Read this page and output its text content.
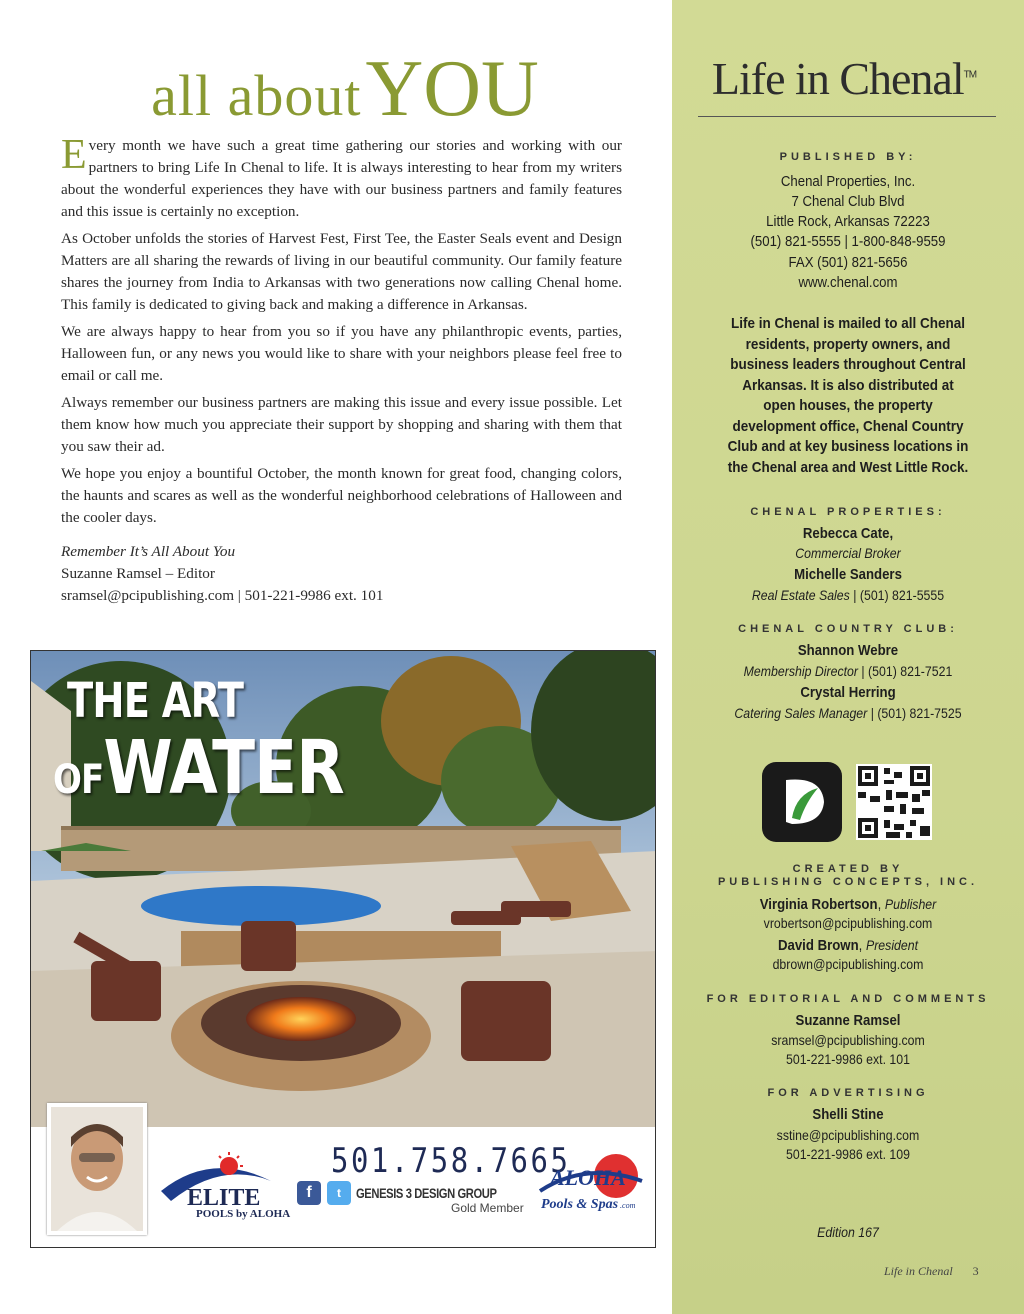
all about YOU

Every month we have such a great time gathering our stories and working with our partners to bring Life In Chenal to life. It is always interesting to hear from my writers about the wonderful experiences they have with our business partners and family features and this issue is certainly no exception.

As October unfolds the stories of Harvest Fest, First Tee, the Easter Seals event and Design Matters are all sharing the rewards of living in our beautiful community. Our family feature shares the journey from India to Arkansas with two generations now calling Chenal home. This family is dedicated to giving back and making a difference in Arkansas.

We are always happy to hear from you so if you have any philanthropic events, parties, Halloween fun, or any news you would like to share with your neighbors please feel free to email or call me.

Always remember our business partners are making this issue and every issue possible. Let them know how much you appreciate their support by shopping and sharing with them that you saw their ad.

We hope you enjoy a bountiful October, the month known for great food, changing colors, the haunts and scares as well as the wonderful neighborhood celebrations of Halloween and the cooler days.

Remember It’s All About You
Suzanne Ramsel – Editor
sramsel@pcipublishing.com | 501-221-9986 ext. 101
THE ART
OFWATER
ELITE
POOLS by ALOHA
501.758.7665
f	t	GENESIS 3 DESIGN GROUP
Gold Member
ALOHA
Pools & Spas .com
Life in Chenal™
PUBLISHED BY:
Chenal Properties, Inc.
7 Chenal Club Blvd
Little Rock, Arkansas 72223
(501) 821-5555 | 1-800-848-9559
FAX (501) 821-5656
www.chenal.com
Life in Chenal is mailed to all Chenal residents, property owners, and business leaders throughout Central Arkansas. It is also distributed at open houses, the property development office, Chenal Country Club and at key business locations in the Chenal area and West Little Rock.
CHENAL PROPERTIES:
Rebecca Cate,
Commercial Broker
Michelle Sanders
Real Estate Sales | (501) 821-5555
CHENAL COUNTRY CLUB:
Shannon Webre
Membership Director | (501) 821-7521
Crystal Herring
Catering Sales Manager | (501) 821-7525
CREATED BY
PUBLISHING CONCEPTS, INC.
Virginia Robertson, Publisher
vrobertson@pcipublishing.com
David Brown, President
dbrown@pcipublishing.com
FOR EDITORIAL AND COMMENTS
Suzanne Ramsel
sramsel@pcipublishing.com
501-221-9986 ext. 101
FOR ADVERTISING
Shelli Stine
sstine@pcipublishing.com
501-221-9986 ext. 109
Edition 167
Life in Chenal 3
